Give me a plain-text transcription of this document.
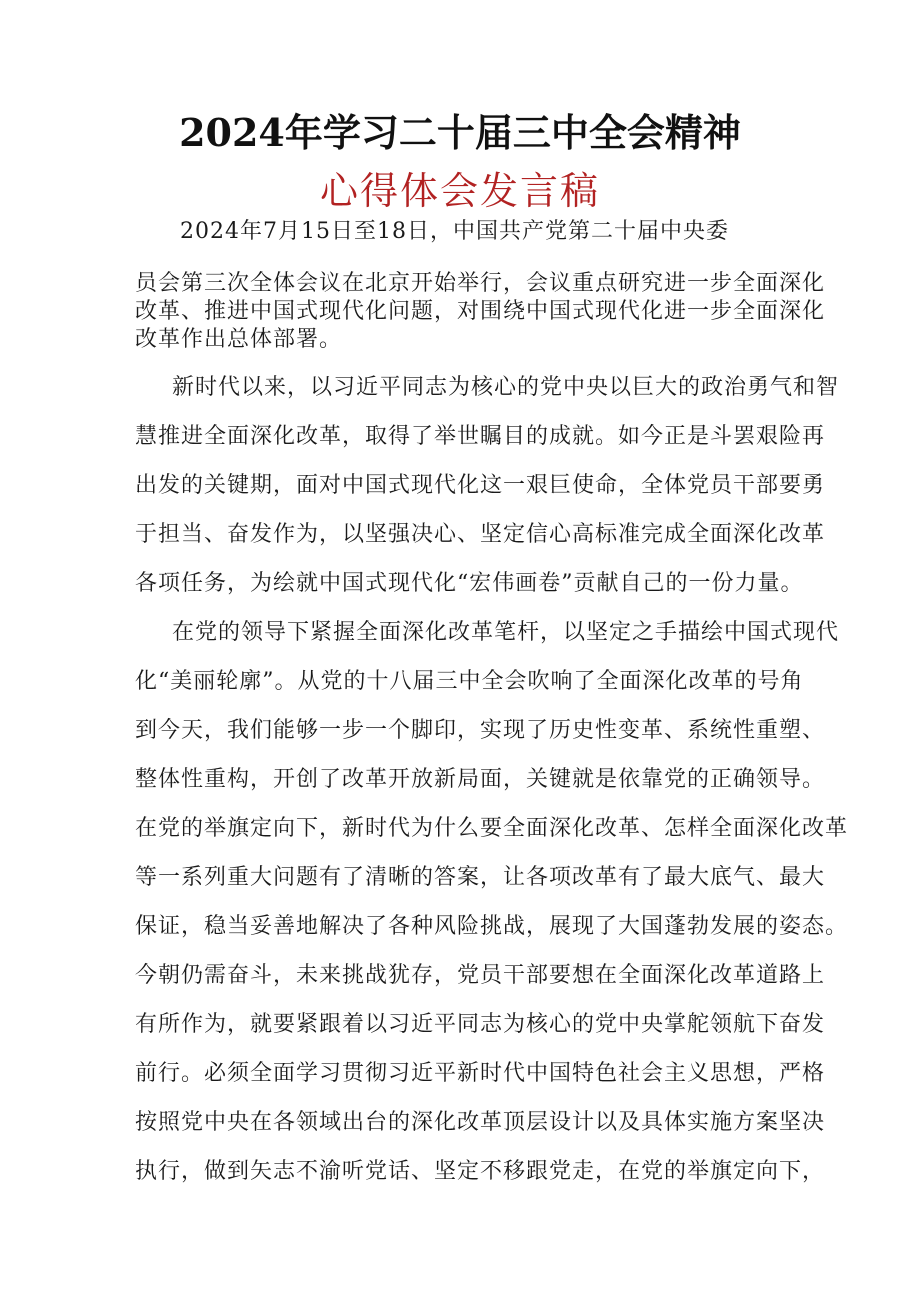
2024年学习二十届三中全会精神
心得体会发言稿
2024年7月15日至18日，中国共产党第二十届中央委
员会第三次全体会议在北京开始举行，会议重点研究进一步全面深化
改革、推进中国式现代化问题，对围绕中国式现代化进一步全面深化
改革作出总体部署。
新时代以来，以习近平同志为核心的党中央以巨大的政治勇气和智
慧推进全面深化改革，取得了举世瞩目的成就。如今正是斗罢艰险再
出发的关键期，面对中国式现代化这一艰巨使命，全体党员干部要勇
于担当、奋发作为，以坚强决心、坚定信心高标准完成全面深化改革
各项任务，为绘就中国式现代化“宏伟画卷”贡献自己的一份力量。
在党的领导下紧握全面深化改革笔杆，以坚定之手描绘中国式现代
化“美丽轮廓”。从党的十八届三中全会吹响了全面深化改革的号角
到今天，我们能够一步一个脚印，实现了历史性变革、系统性重塑、
整体性重构，开创了改革开放新局面，关键就是依靠党的正确领导。
在党的举旗定向下，新时代为什么要全面深化改革、怎样全面深化改革
等一系列重大问题有了清晰的答案，让各项改革有了最大底气、最大
保证，稳当妥善地解决了各种风险挑战，展现了大国蓬勃发展的姿态。
今朝仍需奋斗，未来挑战犹存，党员干部要想在全面深化改革道路上
有所作为，就要紧跟着以习近平同志为核心的党中央掌舵领航下奋发
前行。必须全面学习贯彻习近平新时代中国特色社会主义思想，严格
按照党中央在各领域出台的深化改革顶层设计以及具体实施方案坚决
执行，做到矢志不渝听党话、坚定不移跟党走，在党的举旗定向下，
